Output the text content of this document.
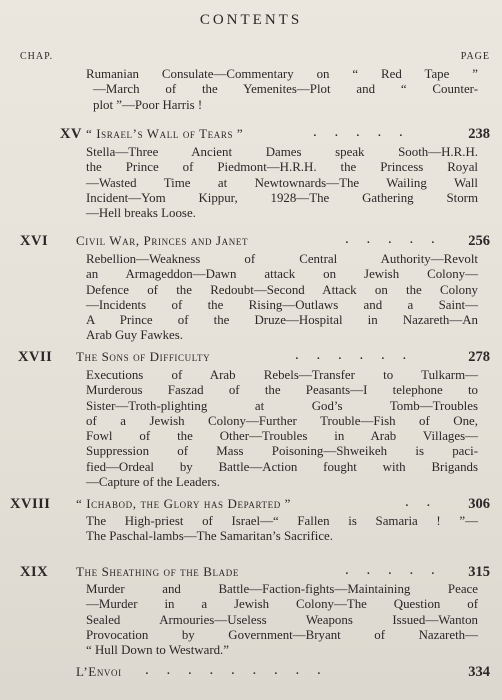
CONTENTS
CHAP.	PAGE
Rumanian Consulate—Commentary on “ Red Tape ”
—March of the Yemenites—Plot and “ Counter-
plot ”—Poor Harris !
XV “ Israel’s Wall of Tears ”	. . . . .	238
Stella—Three Ancient Dames speak Sooth—H.R.H.
the Prince of Piedmont—H.R.H. the Princess Royal
—Wasted Time at Newtownards—The Wailing Wall
Incident—Yom Kippur, 1928—The Gathering Storm
—Hell breaks Loose.
XVI Civil War, Princes and Janet	. . . . . 256
Rebellion—Weakness of Central Authority—Revolt
an Armageddon—Dawn attack on Jewish Colony—
Defence of the Redoubt—Second Attack on the Colony
—Incidents of the Rising—Outlaws and a Saint—
A Prince of the Druze—Hospital in Nazareth—An
Arab Guy Fawkes.
XVII The Sons of Difficulty	. . . . . .	278
Executions of Arab Rebels—Transfer to Tulkarm—
Murderous Faszad of the Peasants—I telephone to
Sister—Troth-plighting at God’s Tomb—Troubles
of a Jewish Colony—Further Trouble—Fish of One,
Fowl of the Other—Troubles in Arab Villages—
Suppression of Mass Poisoning—Shweikeh is paci-
fied—Ordeal by Battle—Action fought with Brigands
—Capture of the Leaders.
XVIII “ Ichabod, the Glory has Departed ”	. . 306
The High-priest of Israel—“ Fallen is Samaria ! ”—
The Paschal-lambs—The Samaritan’s Sacrifice.
XIX The Sheathing of the Blade	. . . . . 315
Murder and Battle—Faction-fights—Maintaining Peace
—Murder in a Jewish Colony—The Question of
Sealed Armouries—Useless Weapons Issued—Wanton
Provocation by Government—Bryant of Nazareth—
“ Hull Down to Westward.”
L’Envoi . . . . . . . . .	334
